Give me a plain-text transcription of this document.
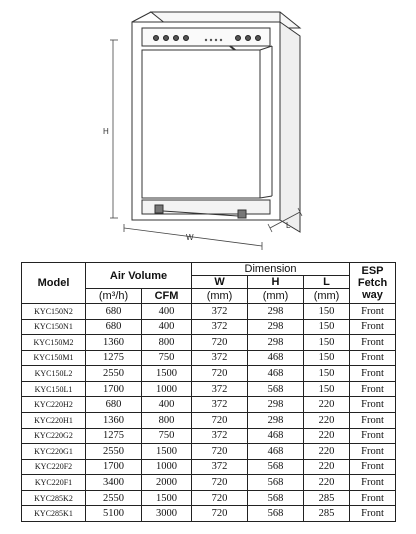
H
W
L
Model	Air Volume		Dimension			ESP
Fetch
way
			W	H	L	
	(m³/h)	CFM	(mm)	(mm)	(mm)	
KYC150N2	680	400	372	298	150	Front
KYC150N1	680	400	372	298	150	Front
KYC150M2	1360	800	720	298	150	Front
KYC150M1	1275	750	372	468	150	Front
KYC150L2	2550	1500	720	468	150	Front
KYC150L1	1700	1000	372	568	150	Front
KYC220H2	680	400	372	298	220	Front
KYC220H1	1360	800	720	298	220	Front
KYC220G2	1275	750	372	468	220	Front
KYC220G1	2550	1500	720	468	220	Front
KYC220F2	1700	1000	372	568	220	Front
KYC220F1	3400	2000	720	568	220	Front
KYC285K2	2550	1500	720	568	285	Front
KYC285K1	5100	3000	720	568	285	Front
